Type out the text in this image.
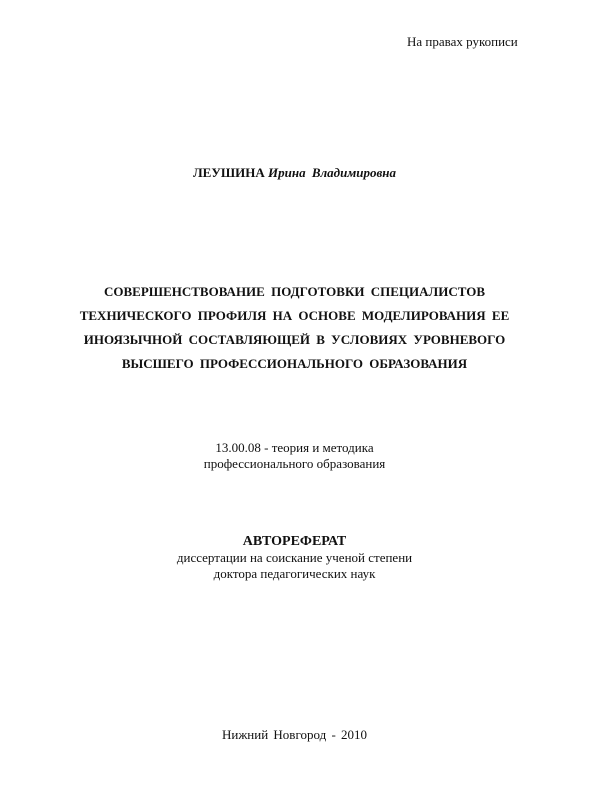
На правах рукописи
ЛЕУШИНА Ирина Владимировна
СОВЕРШЕНСТВОВАНИЕ ПОДГОТОВКИ СПЕЦИАЛИСТОВ
ТЕХНИЧЕСКОГО ПРОФИЛЯ НА ОСНОВЕ МОДЕЛИРОВАНИЯ ЕЕ
ИНОЯЗЫЧНОЙ СОСТАВЛЯЮЩЕЙ В УСЛОВИЯХ УРОВНЕВОГО
ВЫСШЕГО ПРОФЕССИОНАЛЬНОГО ОБРАЗОВАНИЯ
13.00.08 - теория и методика
профессионального образования
АВТОРЕФЕРАТ
диссертации на соискание ученой степени
доктора педагогических наук
Нижний Новгород - 2010
